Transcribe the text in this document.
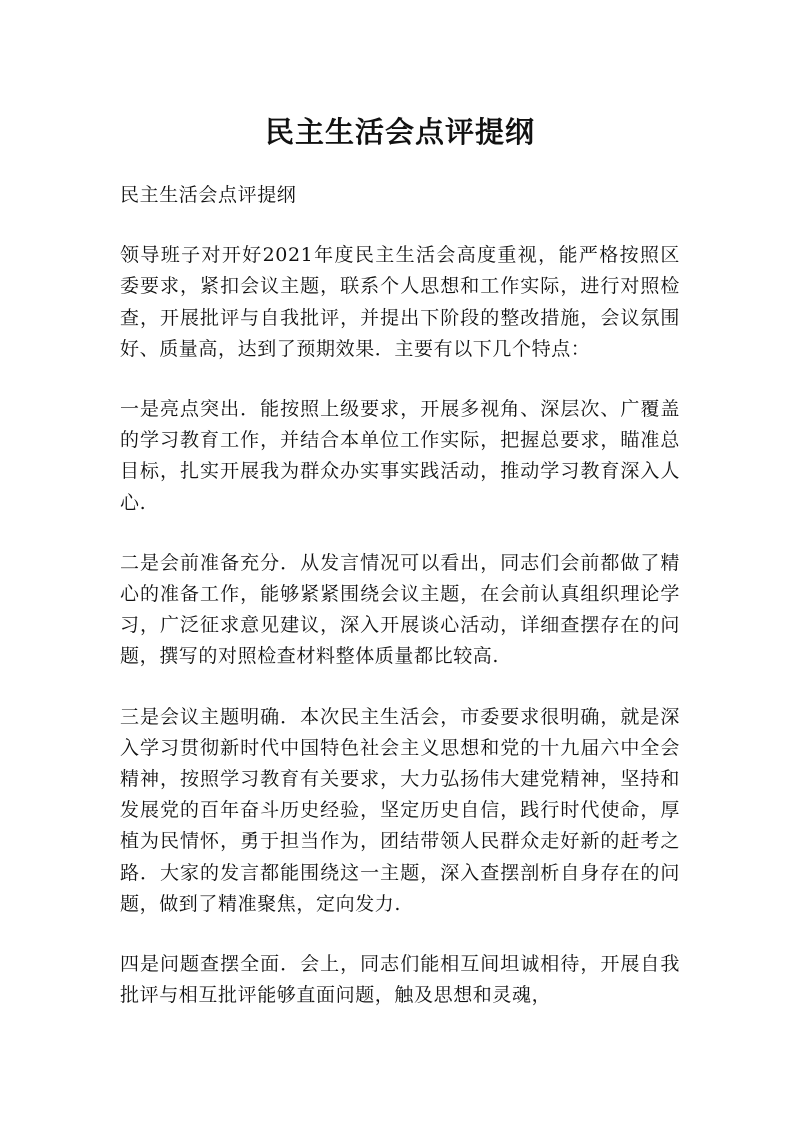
民主生活会点评提纲

民主生活会点评提纲

领导班子对开好2021年度民主生活会高度重视，能严格按照区委要求，紧扣会议主题，联系个人思想和工作实际，进行对照检查，开展批评与自我批评，并提出下阶段的整改措施，会议氛围好、质量高，达到了预期效果．主要有以下几个特点：

一是亮点突出．能按照上级要求，开展多视角、深层次、广覆盖的学习教育工作，并结合本单位工作实际，把握总要求，瞄准总目标，扎实开展我为群众办实事实践活动，推动学习教育深入人心.

二是会前准备充分．从发言情况可以看出，同志们会前都做了精心的准备工作，能够紧紧围绕会议主题，在会前认真组织理论学习，广泛征求意见建议，深入开展谈心活动，详细查摆存在的问题，撰写的对照检查材料整体质量都比较高.

三是会议主题明确．本次民主生活会，市委要求很明确，就是深入学习贯彻新时代中国特色社会主义思想和党的十九届六中全会精神，按照学习教育有关要求，大力弘扬伟大建党精神，坚持和发展党的百年奋斗历史经验，坚定历史自信，践行时代使命，厚植为民情怀，勇于担当作为，团结带领人民群众走好新的赶考之路．大家的发言都能围绕这一主题，深入查摆剖析自身存在的问题，做到了精准聚焦，定向发力.

四是问题查摆全面．会上，同志们能相互间坦诚相待，开展自我批评与相互批评能够直面问题，触及思想和灵魂，
